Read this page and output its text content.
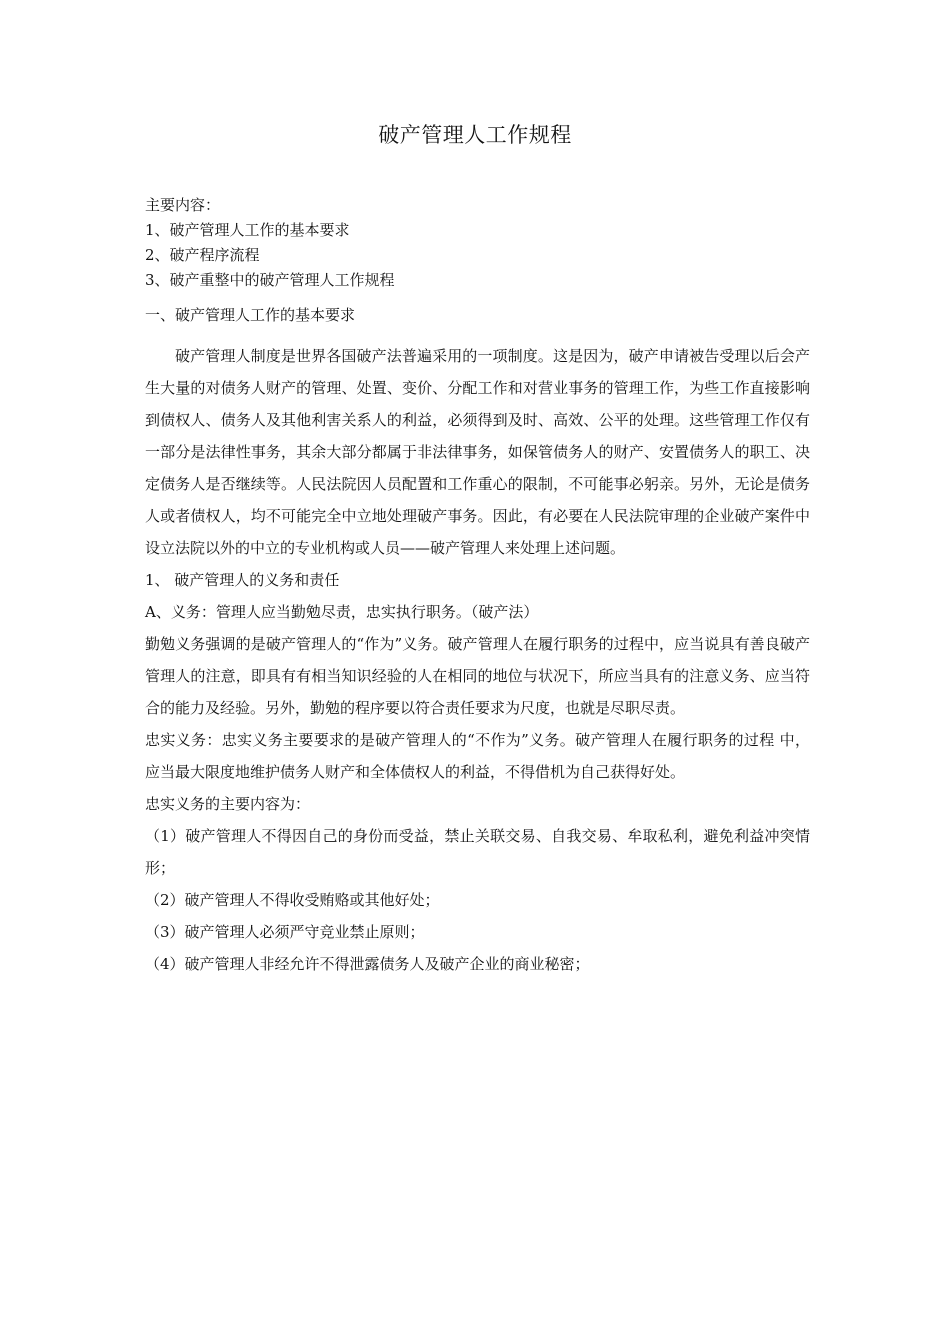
破产管理人工作规程
主要内容：
1、破产管理人工作的基本要求
2、破产程序流程
3、破产重整中的破产管理人工作规程
一、破产管理人工作的基本要求

破产管理人制度是世界各国破产法普遍采用的一项制度。这是因为，破产申请被告受理以后会产生大量的对债务人财产的管理、处置、变价、分配工作和对营业事务的管理工作，为些工作直接影响到债权人、债务人及其他利害关系人的利益，必须得到及时、高效、公平的处理。这些管理工作仅有一部分是法律性事务，其余大部分都属于非法律事务，如保管债务人的财产、安置债务人的职工、决定债务人是否继续等。人民法院因人员配置和工作重心的限制，不可能事必躬亲。另外，无论是债务人或者债权人，均不可能完全中立地处理破产事务。因此，有必要在人民法院审理的企业破产案件中设立法院以外的中立的专业机构或人员——破产管理人来处理上述问题。

1、 破产管理人的义务和责任

A、义务：管理人应当勤勉尽责，忠实执行职务。（破产法）

勤勉义务强调的是破产管理人的“作为”义务。破产管理人在履行职务的过程中，应当说具有善良破产管理人的注意，即具有有相当知识经验的人在相同的地位与状况下，所应当具有的注意义务、应当符合的能力及经验。另外，勤勉的程序要以符合责任要求为尺度，也就是尽职尽责。

忠实义务：忠实义务主要要求的是破产管理人的“不作为”义务。破产管理人在履行职务的过程 中，应当最大限度地维护债务人财产和全体债权人的利益，不得借机为自己获得好处。

忠实义务的主要内容为：

（1）破产管理人不得因自己的身份而受益，禁止关联交易、自我交易、牟取私利，避免利益冲突情形；

（2）破产管理人不得收受贿赂或其他好处；

（3）破产管理人必须严守竞业禁止原则；

（4）破产管理人非经允许不得泄露债务人及破产企业的商业秘密；
